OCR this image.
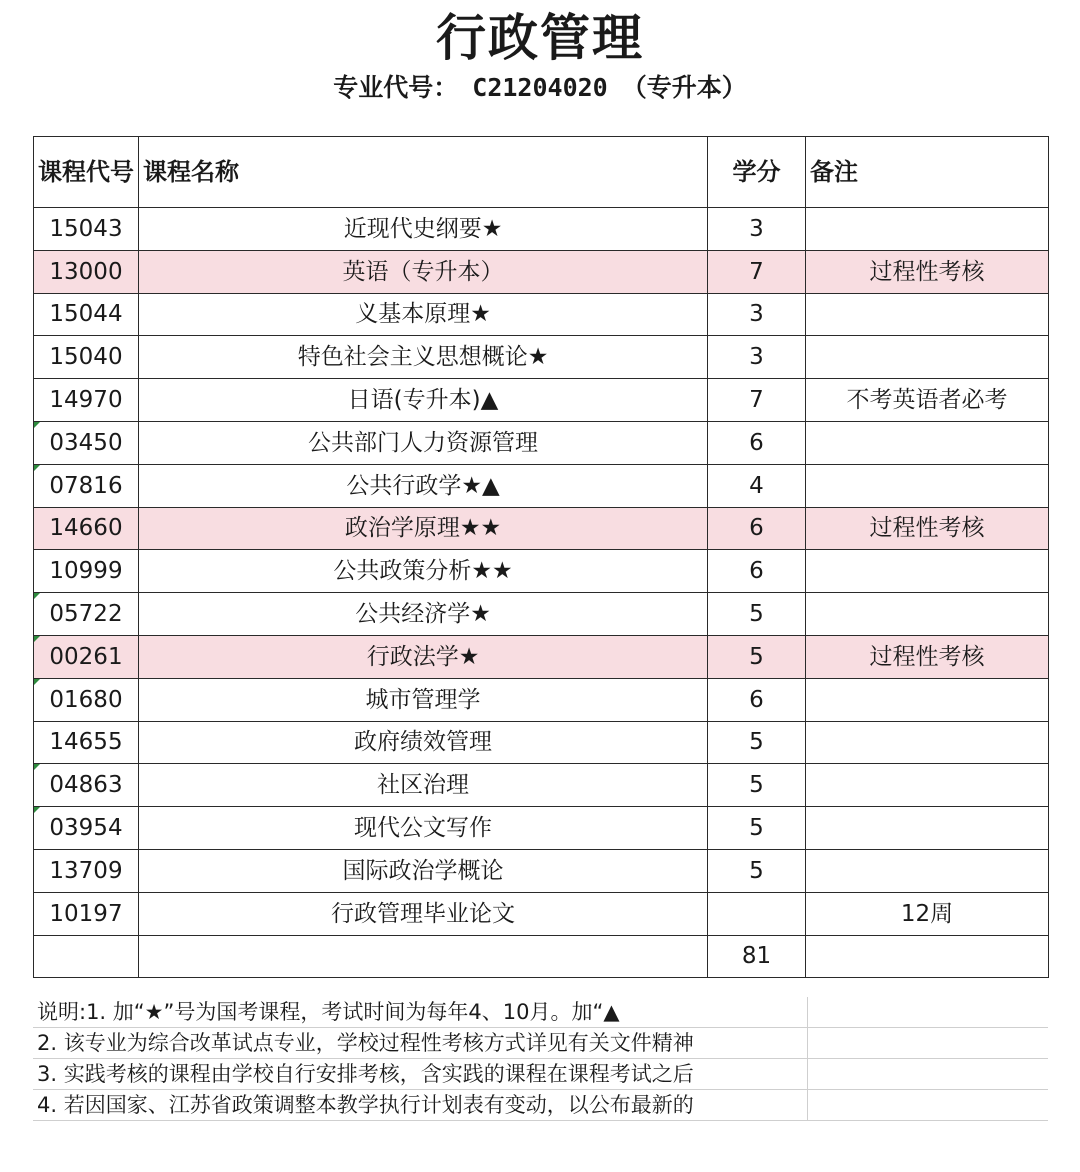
行政管理
专业代号： C21204020 （专升本）
课程代号	课程名称	学分	备注
15043	近现代史纲要★	3	
13000	英语（专升本）	7	过程性考核
15044	义基本原理★	3	
15040	特色社会主义思想概论★	3	
14970	日语(专升本)▲	7	不考英语者必考

03450	公共部门人力资源管理	6	

07816	公共行政学★▲	4	
14660	政治学原理★★	6	过程性考核
10999	公共政策分析★★	6	

05722	公共经济学★	5	

00261	行政法学★	5	过程性考核

01680	城市管理学	6	
14655	政府绩效管理	5	

04863	社区治理	5	

03954	现代公文写作	5	
13709	国际政治学概论	5	
10197	行政管理毕业论文		12周
		81	
说明:1. 加“★”号为国考课程，考试时间为每年4、10月。加“▲
2. 该专业为综合改革试点专业，学校过程性考核方式详见有关文件精神
3. 实践考核的课程由学校自行安排考核，含实践的课程在课程考试之后
4. 若因国家、江苏省政策调整本教学执行计划表有变动，以公布最新的
